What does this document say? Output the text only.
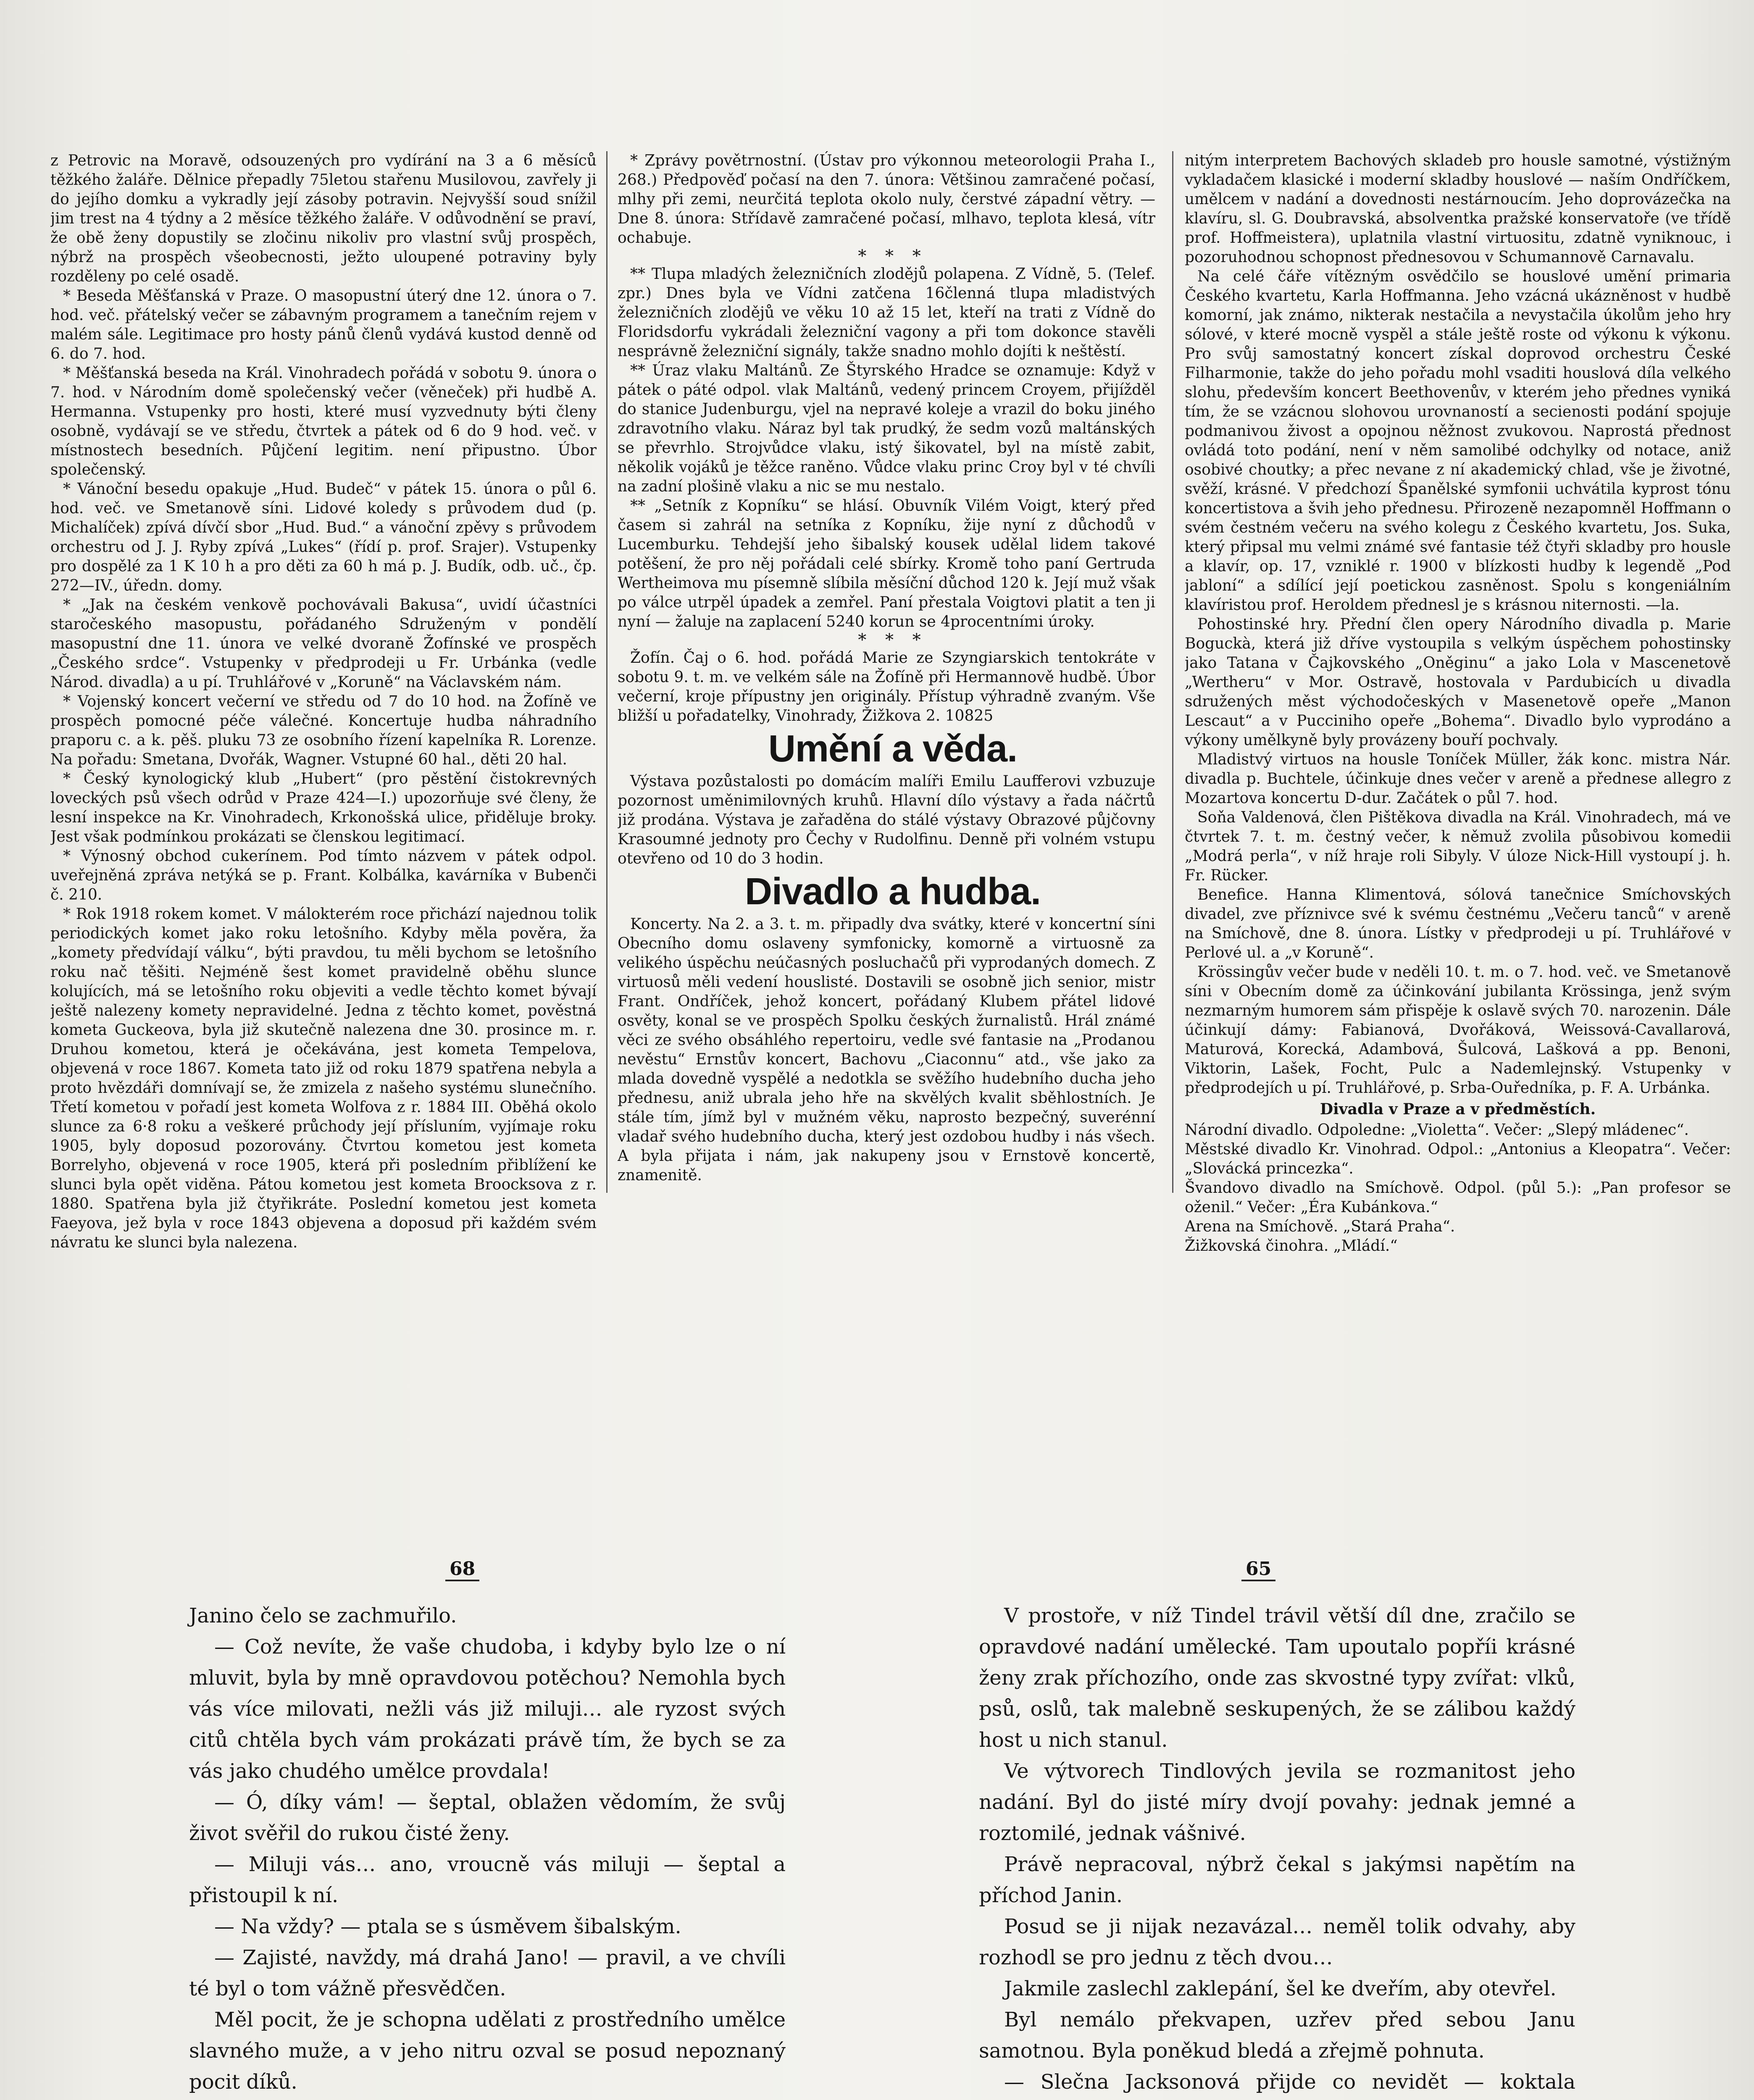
z Petrovic na Moravě, odsouzených pro vydírání na 3 a 6 měsíců těžkého žaláře. Dělnice přepadly 75letou stařenu Musilovou, zavřely ji do jejího domku a vykradly její zásoby potravin. Nejvyšší soud snížil jim trest na 4 týdny a 2 měsíce těžkého žaláře. V odůvodnění se praví, že obě ženy dopustily se zločinu nikoliv pro vlastní svůj prospěch, nýbrž na prospěch všeobecnosti, ježto uloupené potraviny byly rozděleny po celé osadě.

* Beseda Měšťanská v Praze. O masopustní úterý dne 12. února o 7. hod. več. přátelský večer se zábavným programem a tanečním rejem v malém sále. Legitimace pro hosty pánů členů vydává kustod denně od 6. do 7. hod.

* Měšťanská beseda na Král. Vinohradech pořádá v sobotu 9. února o 7. hod. v Národním domě společenský večer (věneček) při hudbě A. Hermanna. Vstupenky pro hosti, které musí vyzvednuty býti členy osobně, vydávají se ve středu, čtvrtek a pátek od 6 do 9 hod. več. v místnostech besedních. Půjčení legitim. není připustno. Úbor společenský.

* Vánoční besedu opakuje „Hud. Budeč“ v pátek 15. února o půl 6. hod. več. ve Smetanově síni. Lidové koledy s průvodem dud (p. Michalíček) zpívá dívčí sbor „Hud. Bud.“ a vánoční zpěvy s průvodem orchestru od J. J. Ryby zpívá „Lukes“ (řídí p. prof. Srajer). Vstupenky pro dospělé za 1 K 10 h a pro děti za 60 h má p. J. Budík, odb. uč., čp. 272—IV., úředn. domy.

* „Jak na českém venkově pochovávali Bakusa“, uvidí účastníci staročeského masopustu, pořádaného Sdruženým v pondělí masopustní dne 11. února ve velké dvoraně Žofínské ve prospěch „Českého srdce“. Vstupenky v předprodeji u Fr. Urbánka (vedle Národ. divadla) a u pí. Truhlářové v „Koruně“ na Václavském nám.

* Vojenský koncert večerní ve středu od 7 do 10 hod. na Žofíně ve prospěch pomocné péče válečné. Koncertuje hudba náhradního praporu c. a k. pěš. pluku 73 ze osobního řízení kapelníka R. Lorenze. Na pořadu: Smetana, Dvořák, Wagner. Vstupné 60 hal., děti 20 hal.

* Český kynologický klub „Hubert“ (pro pěstění čistokrevných loveckých psů všech odrůd v Praze 424—I.) upozorňuje své členy, že lesní inspekce na Kr. Vinohradech, Krkonošská ulice, přiděluje broky. Jest však podmínkou prokázati se členskou legitimací.

* Výnosný obchod cukerínem. Pod tímto názvem v pátek odpol. uveřejněná zpráva netýká se p. Frant. Kolbálka, kavárníka v Bubenči č. 210.

* Rok 1918 rokem komet. V málokterém roce přichází najednou tolik periodických komet jako roku letošního. Kdyby měla pověra, ža „komety předvídají válku“, býti pravdou, tu měli bychom se letošního roku nač těšiti. Nejméně šest komet pravidelně oběhu slunce kolujících, má se letošního roku objeviti a vedle těchto komet bývají ještě nalezeny komety nepravidelné. Jedna z těchto komet, pověstná kometa Guckeova, byla již skutečně nalezena dne 30. prosince m. r. Druhou kometou, která je očekávána, jest kometa Tempelova, objevená v roce 1867. Kometa tato již od roku 1879 spatřena nebyla a proto hvězdáři domnívají se, že zmizela z našeho systému slunečního. Třetí kometou v pořadí jest kometa Wolfova z r. 1884 III. Oběhá okolo slunce za 6·8 roku a veškeré průchody její přísluním, vyjímaje roku 1905, byly doposud pozorovány. Čtvrtou kometou jest kometa Borrelyho, objevená v roce 1905, která při posledním přiblížení ke slunci byla opět viděna. Pátou kometou jest kometa Broocksova z r. 1880. Spatřena byla již čtyřikráte. Poslední kometou jest kometa Faeyova, jež byla v roce 1843 objevena a doposud při každém svém návratu ke slunci byla nalezena.

* Zprávy povětrnostní. (Ústav pro výkonnou meteorologii Praha I., 268.) Předpověď počasí na den 7. února: Většinou zamračené počasí, mlhy při zemi, neurčitá teplota okolo nuly, čerstvé západní větry. — Dne 8. února: Střídavě zamračené počasí, mlhavo, teplota klesá, vítr ochabuje.

* * *

** Tlupa mladých železničních zlodějů polapena. Z Vídně, 5. (Telef. zpr.) Dnes byla ve Vídni zatčena 16členná tlupa mladistvých železničních zlodějů ve věku 10 až 15 let, kteří na trati z Vídně do Floridsdorfu vykrádali železniční vagony a při tom dokonce stavěli nesprávně železniční signály, takže snadno mohlo dojíti k neštěstí.

** Úraz vlaku Maltánů. Ze Štyrského Hradce se oznamuje: Když v pátek o páté odpol. vlak Maltánů, vedený princem Croyem, přijížděl do stanice Judenburgu, vjel na nepravé koleje a vrazil do boku jiného zdravotního vlaku. Náraz byl tak prudký, že sedm vozů maltánských se převrhlo. Strojvůdce vlaku, istý šikovatel, byl na místě zabit, několik vojáků je těžce raněno. Vůdce vlaku princ Croy byl v té chvíli na zadní plošině vlaku a nic se mu nestalo.

** „Setník z Kopníku“ se hlásí. Obuvník Vilém Voigt, který před časem si zahrál na setníka z Kopníku, žije nyní z důchodů v Lucemburku. Tehdejší jeho šibalský kousek udělal lidem takové potěšení, že pro něj pořádali celé sbírky. Kromě toho paní Gertruda Wertheimova mu písemně slíbila měsíční důchod 120 k. Její muž však po válce utrpěl úpadek a zemřel. Paní přestala Voigtovi platit a ten ji nyní — žaluje na zaplacení 5240 korun se 4procentními úroky.

* * *

Žofín. Čaj o 6. hod. pořádá Marie ze Szyngiarskich tentokráte v sobotu 9. t. m. ve velkém sále na Žofíně při Hermannově hudbě. Úbor večerní, kroje přípustny jen originály. Přístup výhradně zvaným. Vše bližší u pořadatelky, Vinohrady, Žižkova 2. 10825

Umění a věda.

Výstava pozůstalosti po domácím malíři Emilu Laufferovi vzbuzuje pozornost uměnimilovných kruhů. Hlavní dílo výstavy a řada náčrtů již prodána. Výstava je zařaděna do stálé výstavy Obrazové půjčovny Krasoumné jednoty pro Čechy v Rudolfinu. Denně při volném vstupu otevřeno od 10 do 3 hodin.

Divadlo a hudba.

Koncerty. Na 2. a 3. t. m. připadly dva svátky, které v koncertní síni Obecního domu oslaveny symfonicky, komorně a virtuosně za velikého úspěchu neúčasných posluchačů při vyprodaných domech. Z virtuosů měli vedení houslisté. Dostavili se osobně jich senior, mistr Frant. Ondříček, jehož koncert, pořádaný Klubem přátel lidové osvěty, konal se ve prospěch Spolku českých žurnalistů. Hrál známé věci ze svého obsáhlého repertoiru, vedle své fantasie na „Prodanou nevěstu“ Ernstův koncert, Bachovu „Ciaconnu“ atd., vše jako za mlada dovedně vyspělé a nedotkla se svěžího hudebního ducha jeho přednesu, aniž ubrala jeho hře na skvělých kvalit sběhlostních. Je stále tím, jímž byl v mužném věku, naprosto bezpečný, suverénní vladař svého hudebního ducha, který jest ozdobou hudby i nás všech. A byla přijata i nám, jak nakupeny jsou v Ernstově koncertě, znamenitě.

nitým interpretem Bachových skladeb pro housle samotné, výstižným vykladačem klasické i moderní skladby houslové — naším Ondříčkem, umělcem v nadání a dovednosti nestárnoucím. Jeho doprovázečka na klavíru, sl. G. Doubravská, absolventka pražské konservatoře (ve třídě prof. Hoffmeistera), uplatnila vlastní virtuositu, zdatně vyniknouc, i pozoruhodnou schopnost přednesovou v Schumannově Carnavalu.

Na celé čáře vítězným osvědčilo se houslové umění primaria Českého kvartetu, Karla Hoffmanna. Jeho vzácná ukázněnost v hudbě komorní, jak známo, nikterak nestačila a nevystačila úkolům jeho hry sólové, v které mocně vyspěl a stále ještě roste od výkonu k výkonu. Pro svůj samostatný koncert získal doprovod orchestru České Filharmonie, takže do jeho pořadu mohl vsaditi houslová díla velkého slohu, především koncert Beethovenův, v kterém jeho přednes vyniká tím, že se vzácnou slohovou urovnaností a secienosti podání spojuje podmanivou živost a opojnou něžnost zvukovou. Naprostá přednost ovládá toto podání, není v něm samolibé odchylky od notace, aniž osobivé choutky; a přec nevane z ní akademický chlad, vše je životné, svěží, krásné. V předchozí Španělské symfonii uchvátila kyprost tónu koncertistova a švih jeho přednesu. Přirozeně nezapomněl Hoffmann o svém čestném večeru na svého kolegu z Českého kvartetu, Jos. Suka, který připsal mu velmi známé své fantasie též čtyři skladby pro housle a klavír, op. 17, vzniklé r. 1900 v blízkosti hudby k legendě „Pod jabloní“ a sdílící její poetickou zasněnost. Spolu s kongeniálním klavíristou prof. Heroldem přednesl je s krásnou niternosti. —la.

Pohostinské hry. Přední člen opery Národního divadla p. Marie Boguckà, která již dříve vystoupila s velkým úspěchem pohostinsky jako Tatana v Čajkovského „Oněginu“ a jako Lola v Mascenetově „Wertheru“ v Mor. Ostravě, hostovala v Pardubicích u divadla sdružených měst východočeských v Masenetově opeře „Manon Lescaut“ a v Pucciniho opeře „Bohema“. Divadlo bylo vyprodáno a výkony umělkyně byly provázeny bouří pochvaly.

Mladistvý virtuos na housle Toníček Müller, žák konc. mistra Nár. divadla p. Buchtele, účinkuje dnes večer v areně a přednese allegro z Mozartova koncertu D-dur. Začátek o půl 7. hod.

Soňa Valdenová, člen Pištěkova divadla na Král. Vinohradech, má ve čtvrtek 7. t. m. čestný večer, k němuž zvolila působivou komedii „Modrá perla“, v níž hraje roli Sibyly. V úloze Nick-Hill vystoupí j. h. Fr. Rücker.

Benefice. Hanna Klimentová, sólová tanečnice Smíchovských divadel, zve příznivce své k svému čestnému „Večeru tanců“ v areně na Smíchově, dne 8. února. Lístky v předprodeji u pí. Truhlářové v Perlové ul. a „v Koruně“.

Krössingův večer bude v neděli 10. t. m. o 7. hod. več. ve Smetanově síni v Obecním domě za účinkování jubilanta Krössinga, jenž svým nezmarným humorem sám přispěje k oslavě svých 70. narozenin. Dále účinkují dámy: Fabianová, Dvořáková, Weissová-Cavallarová, Maturová, Korecká, Adambová, Šulcová, Lašková a pp. Benoni, Viktorin, Lašek, Focht, Pulc a Nademlejnský. Vstupenky v předprodejích u pí. Truhlářové, p. Srba-Ouředníka, p. F. A. Urbánka.

Divadla v Praze a v předměstích.

Národní divadlo. Odpoledne: „Violetta“. Večer: „Slepý mládenec“.

Městské divadlo Kr. Vinohrad. Odpol.: „Antonius a Kleopatra“. Večer: „Slovácká princezka“.

Švandovo divadlo na Smíchově. Odpol. (půl 5.): „Pan profesor se oženil.“ Večer: „Éra Kubánkova.“

Arena na Smíchově. „Stará Praha“.

Žižkovská činohra. „Mládí.“

68	65

Janino čelo se zachmuřilo.

— Což nevíte, že vaše chudoba, i kdyby bylo lze o ní mluvit, byla by mně opravdovou potěchou? Nemohla bych vás více milovati, nežli vás již miluji… ale ryzost svých citů chtěla bych vám prokázati právě tím, že bych se za vás jako chudého umělce provdala!

— Ó, díky vám! — šeptal, oblažen vědomím, že svůj život svěřil do rukou čisté ženy.

— Miluji vás… ano, vroucně vás miluji — šeptal a přistoupil k ní.

— Na vždy? — ptala se s úsměvem šibalským.

— Zajisté, navždy, má drahá Jano! — pravil, a ve chvíli té byl o tom vážně přesvědčen.

Měl pocit, že je schopna udělati z prostředního umělce slavného muže, a v jeho nitru ozval se posud nepoznaný pocit díků.

V prostoře, v níž Tindel trávil větší díl dne, zračilo se opravdové nadání umělecké. Tam upoutalo popříi krásné ženy zrak příchozího, onde zas skvostné typy zvířat: vlků, psů, oslů, tak malebně seskupených, že se zálibou každý host u nich stanul.

Ve výtvorech Tindlových jevila se rozmanitost jeho nadání. Byl do jisté míry dvojí povahy: jednak jemné a roztomilé, jednak vášnivé.

Právě nepracoval, nýbrž čekal s jakýmsi napětím na příchod Janin.

Posud se ji nijak nezavázal… neměl tolik odvahy, aby rozhodl se pro jednu z těch dvou…

Jakmile zaslechl zaklepání, šel ke dveřím, aby otevřel.

Byl nemálo překvapen, uzřev před sebou Janu samotnou. Byla poněkud bledá a zřejmě pohnuta.

— Slečna Jacksonová přijde co nevidět — koktala
